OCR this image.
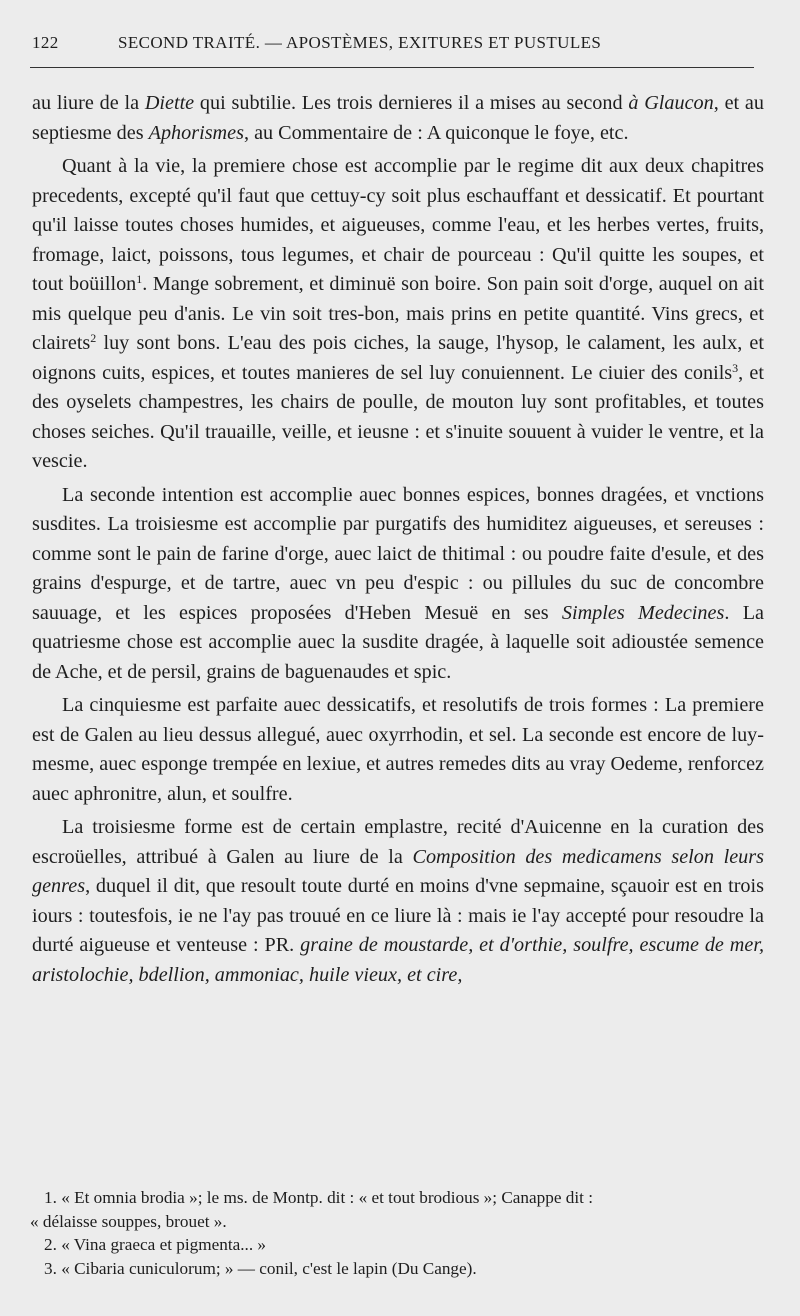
122	SECOND TRAITÉ. — APOSTÈMES, EXITURES ET PUSTULES

au liure de la Diette qui subtilie. Les trois dernieres il a mises au second à Glaucon, et au septiesme des Aphorismes, au Commentaire de : A quiconque le foye, etc.

Quant à la vie, la premiere chose est accomplie par le regime dit aux deux chapitres precedents, excepté qu'il faut que cettuy-cy soit plus eschauffant et dessicatif. Et pourtant qu'il laisse toutes choses humides, et aigueuses, comme l'eau, et les herbes vertes, fruits, fromage, laict, poissons, tous legumes, et chair de pourceau : Qu'il quitte les soupes, et tout boüillon$^1$. Mange sobrement, et diminuë son boire. Son pain soit d'orge, auquel on ait mis quelque peu d'anis. Le vin soit tres-bon, mais prins en petite quantité. Vins grecs, et clairets$^2$ luy sont bons. L'eau des pois ciches, la sauge, l'hysop, le calament, les aulx, et oignons cuits, espices, et toutes manieres de sel luy conuiennent. Le ciuier des conils$^3$, et des oyselets champestres, les chairs de poulle, de mouton luy sont profitables, et toutes choses seiches. Qu'il trauaille, veille, et ieusne : et s'inuite souuent à vuider le ventre, et la vescie.

La seconde intention est accomplie auec bonnes espices, bonnes dragées, et vnctions susdites. La troisiesme est accomplie par purgatifs des humiditez aigueuses, et sereuses : comme sont le pain de farine d'orge, auec laict de thitimal : ou poudre faite d'esule, et des grains d'espurge, et de tartre, auec vn peu d'espic : ou pillules du suc de concombre sauuage, et les espices proposées d'Heben Mesuë en ses Simples Medecines. La quatriesme chose est accomplie auec la susdite dragée, à laquelle soit adioustée semence de Ache, et de persil, grains de baguenaudes et spic.

La cinquiesme est parfaite auec dessicatifs, et resolutifs de trois formes : La premiere est de Galen au lieu dessus allegué, auec oxyrrhodin, et sel. La seconde est encore de luy-mesme, auec esponge trempée en lexiue, et autres remedes dits au vray Oedeme, renforcez auec aphronitre, alun, et soulfre.

La troisiesme forme est de certain emplastre, recité d'Auicenne en la curation des escroüelles, attribué à Galen au liure de la Composition des medicamens selon leurs genres, duquel il dit, que resoult toute durté en moins d'vne sepmaine, sçauoir est en trois iours : toutesfois, ie ne l'ay pas trouué en ce liure là : mais ie l'ay accepté pour resoudre la durté aigueuse et venteuse : PR. graine de moustarde, et d'orthie, soulfre, escume de mer, aristolochie, bdellion, ammoniac, huile vieux, et cire,

1. « Et omnia brodia »; le ms. de Montp. dit : « et tout brodious »; Canappe dit :

« délaisse souppes, brouet ».

2. « Vina graeca et pigmenta... »

3. « Cibaria cuniculorum; » — conil, c'est le lapin (Du Cange).
